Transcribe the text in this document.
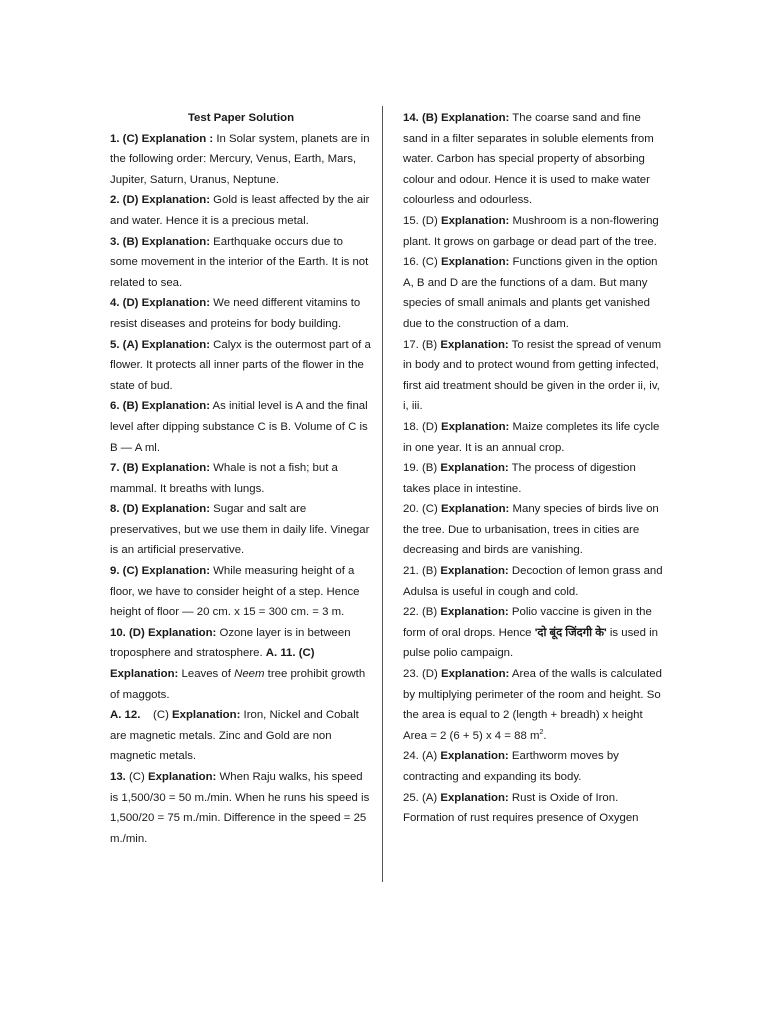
Test Paper Solution

1. (C) Explanation : In Solar system, planets are in the following order: Mercury, Venus, Earth, Mars, Jupiter, Saturn, Uranus, Neptune.

2. (D) Explanation: Gold is least affected by the air and water. Hence it is a precious metal.

3. (B) Explanation: Earthquake occurs due to some movement in the interior of the Earth. It is not related to sea.

4. (D) Explanation: We need different vitamins to resist diseases and proteins for body building.

5. (A) Explanation: Calyx is the outermost part of a flower. It protects all inner parts of the flower in the state of bud.

6. (B) Explanation: As initial level is A and the final level after dipping substance C is B. Volume of C is B — A ml.

7. (B) Explanation: Whale is not a fish; but a mammal. It breaths with lungs.

8. (D) Explanation: Sugar and salt are preservatives, but we use them in daily life. Vinegar is an artificial preservative.

9. (C) Explanation: While measuring height of a floor, we have to consider height of a step. Hence height of floor — 20 cm. x 15 = 300 cm. = 3 m.

10. (D) Explanation: Ozone layer is in between troposphere and stratosphere. A. 11. (C) Explanation: Leaves of Neem tree prohibit growth of maggots.

A. 12.    (C) Explanation: Iron, Nickel and Cobalt are magnetic metals. Zinc and Gold are non magnetic metals.

13. (C) Explanation: When Raju walks, his speed is 1,500/30 = 50 m./min. When he runs his speed is 1,500/20 = 75 m./min. Difference in the speed = 25 m./min.

14. (B) Explanation: The coarse sand and fine sand in a filter separates in soluble elements from water. Carbon has special property of absorbing colour and odour. Hence it is used to make water colourless and odourless.

15. (D) Explanation: Mushroom is a non-flowering plant. It grows on garbage or dead part of the tree.

16. (C) Explanation: Functions given in the option A, B and D are the functions of a dam. But many species of small animals and plants get vanished due to the construction of a dam.

17. (B) Explanation: To resist the spread of venum in body and to protect wound from getting infected, first aid treatment should be given in the order ii, iv, i, iii.

18. (D) Explanation: Maize completes its life cycle in one year. It is an annual crop.

19. (B) Explanation: The process of digestion takes place in intestine.

20. (C) Explanation: Many species of birds live on the tree. Due to urbanisation, trees in cities are decreasing and birds are vanishing.

21. (B) Explanation: Decoction of lemon grass and Adulsa is useful in cough and cold.

22. (B) Explanation: Polio vaccine is given in the form of oral drops. Hence 'दो बूंद जिंदगी के' is used in pulse polio campaign.

23. (D) Explanation: Area of the walls is calculated by multiplying perimeter of the room and height. So the area is equal to 2 (length + breadh) x height
Area = 2 (6 + 5) x 4 = 88 $m^2$.

24. (A) Explanation: Earthworm moves by contracting and expanding its body.

25. (A) Explanation: Rust is Oxide of Iron. Formation of rust requires presence of Oxygen
